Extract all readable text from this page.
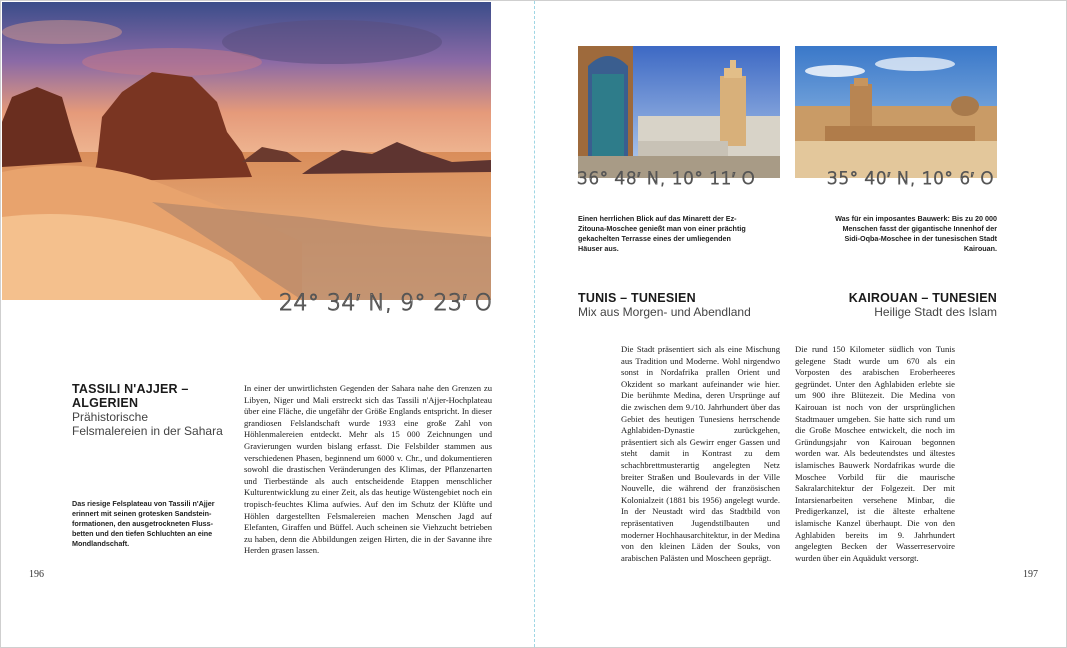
24° 34′ N, 9° 23′ O
TASSILI N'AJJER –
ALGERIEN
Prähistorische
Felsmalereien in der Sahara
Das riesige Felsplateau von Tassili n'Ajjer erinnert mit seinen grotesken Sandsteinformationen, den ausgetrockneten Flussbetten und den tiefen Schluchten an eine Mondlandschaft.
In einer der unwirtlichsten Gegenden der Sahara nahe den Grenzen zu Libyen, Niger und Mali erstreckt sich das Tassili n'Ajjer-Hochplateau über eine Fläche, die ungefähr der Größe Englands entspricht. In dieser grandiosen Felslandschaft wurde 1933 eine große Zahl von Höhlenmalereien entdeckt. Mehr als 15 000 Zeichnungen und Gravierungen wurden bislang erfasst. Die Felsbilder stammen aus verschiedenen Phasen, beginnend um 6000 v. Chr., und dokumentieren sowohl die drastischen Veränderungen des Klimas, der Pflanzenarten und Tierbestände als auch entscheidende Etappen menschlicher Kulturentwicklung zu einer Zeit, als das heutige Wüstengebiet noch ein tropisch-feuchtes Klima aufwies. Auf den im Schutz der Klüfte und Höhlen dargestellten Felsmalereien machen Menschen Jagd auf Elefanten, Giraffen und Büffel. Auch scheinen sie Viehzucht betrieben zu haben, denn die Abbildungen zeigen Hirten, die in der Savanne ihre Herden grasen lassen.
196
36° 48′ N, 10° 11′ O	35° 40′ N, 10° 6′ O
Einen herrlichen Blick auf das Minarett der Ez-Zitouna-Moschee genießt man von einer prächtig gekachelten Terrasse eines der umliegenden Häuser aus.
Was für ein imposantes Bauwerk: Bis zu 20 000 Menschen fasst der gigantische Innenhof der Sidi-Oqba-Moschee in der tunesischen Stadt Kairouan.
TUNIS – TUNESIEN
Mix aus Morgen- und Abendland
KAIROUAN – TUNESIEN
Heilige Stadt des Islam
Die Stadt präsentiert sich als eine Mischung aus Tradition und Moderne. Wohl nirgendwo sonst in Nordafrika prallen Orient und Okzident so markant aufeinander wie hier. Die berühmte Medina, deren Ursprünge auf die zwischen dem 9./10. Jahrhundert über das Gebiet des heutigen Tunesiens herrschende Aghlabiden-Dynastie zurückgehen, präsentiert sich als Gewirr enger Gassen und steht damit in Kontrast zu dem schachbrettmusterartig angelegten Netz breiter Straßen und Boulevards in der Ville Nouvelle, die während der französischen Kolonialzeit (1881 bis 1956) angelegt wurde. In der Neustadt wird das Stadtbild von repräsentativen Jugendstilbauten und moderner Hochhausarchitektur, in der Medina von den kleinen Läden der Souks, von arabischen Palästen und Moscheen geprägt.
Die rund 150 Kilometer südlich von Tunis gelegene Stadt wurde um 670 als ein Vorposten des arabischen Eroberheeres gegründet. Unter den Aghlabiden erlebte sie um 900 ihre Blütezeit. Die Medina von Kairouan ist noch von der ursprünglichen Stadtmauer umgeben. Sie hatte sich rund um die Große Moschee entwickelt, die noch im Gründungsjahr von Kairouan begonnen worden war. Als bedeutendstes und ältestes islamisches Bauwerk Nordafrikas wurde die Moschee Vorbild für die maurische Sakralarchitektur der Folgezeit. Der mit Intarsienarbeiten versehene Minbar, die Predigerkanzel, ist die älteste erhaltene islamische Kanzel überhaupt. Die von den Aghlabiden bereits im 9. Jahrhundert angelegten Becken der Wasserreservoire wurden über ein Aquädukt versorgt.
197
